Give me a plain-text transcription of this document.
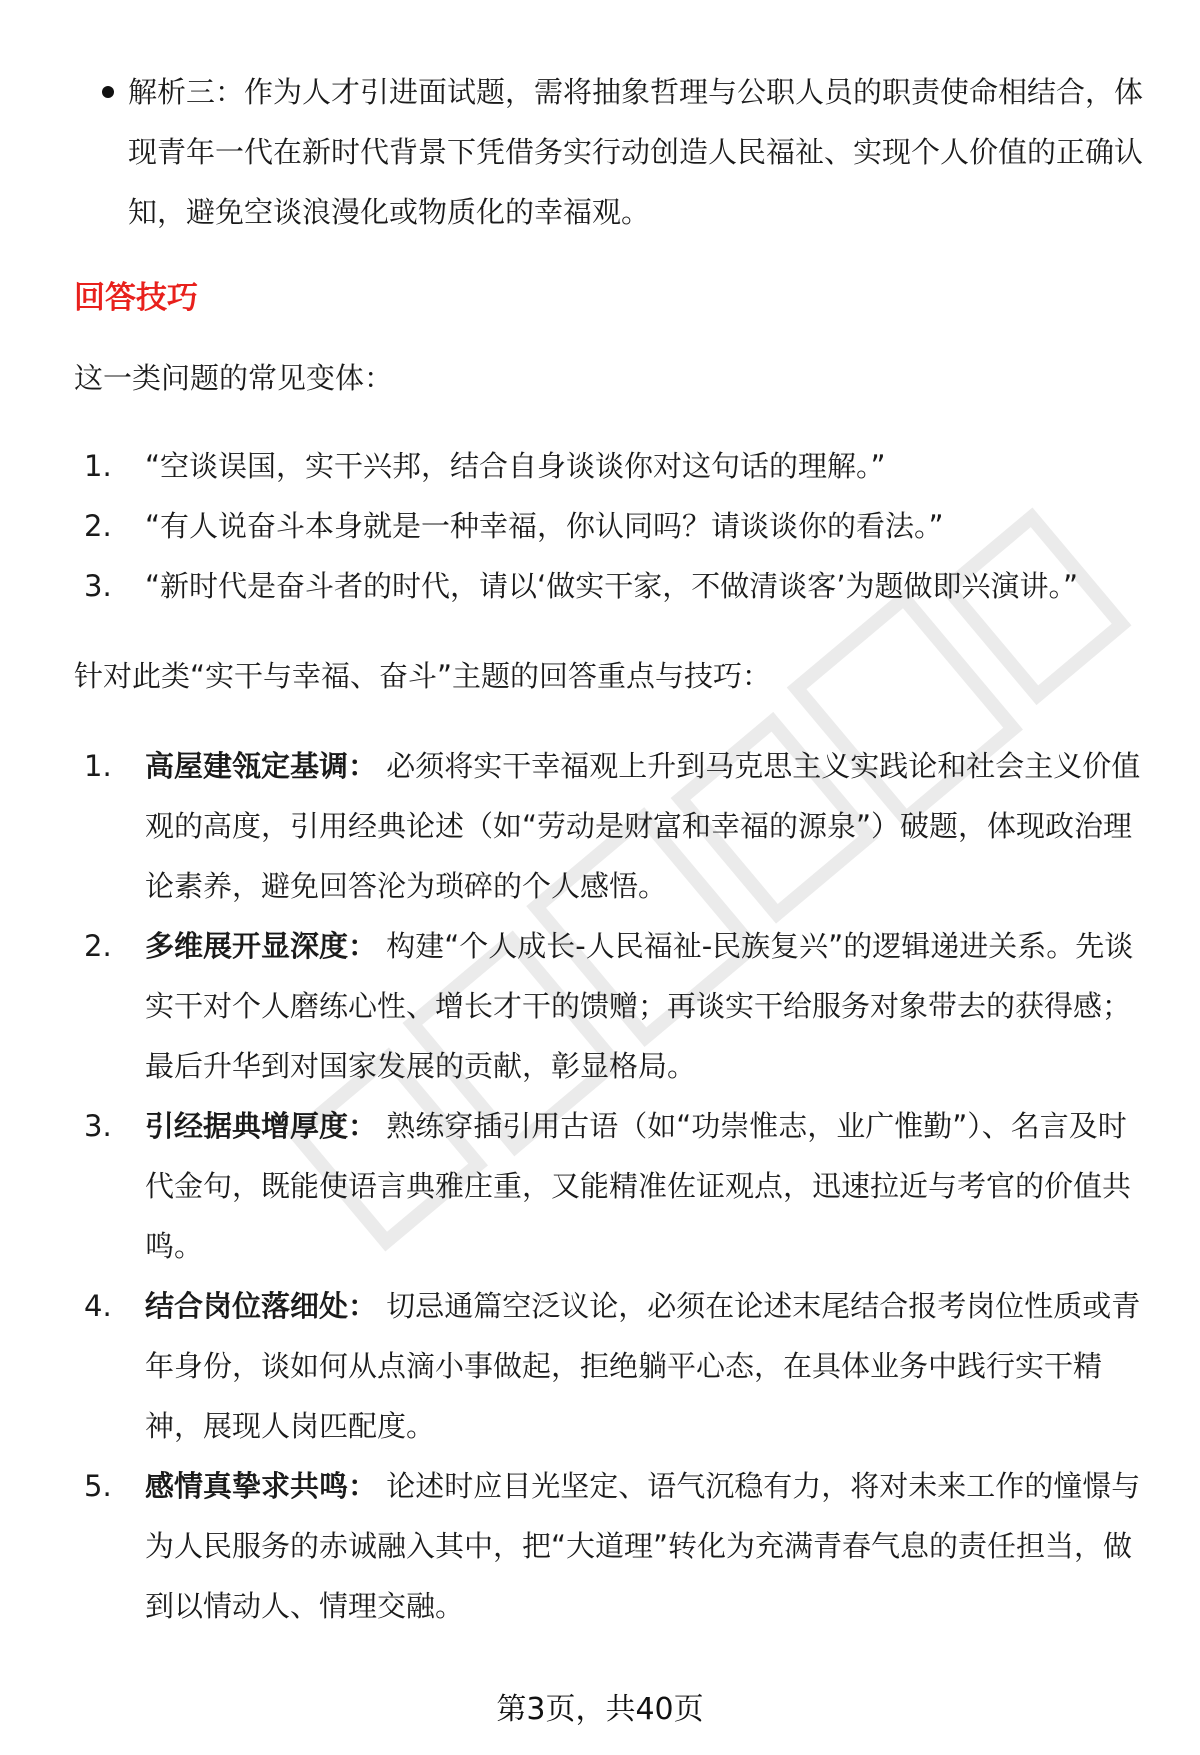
解析三：作为人才引进面试题，需将抽象哲理与公职人员的职责使命相结合，体现青年一代在新时代背景下凭借务实行动创造人民福祉、实现个人价值的正确认知，避免空谈浪漫化或物质化的幸福观。
回答技巧

这一类问题的常见变体：

1.	“空谈误国，实干兴邦，结合自身谈谈你对这句话的理解。”
2.	“有人说奋斗本身就是一种幸福，你认同吗？请谈谈你的看法。”
3.	“新时代是奋斗者的时代，请以‘做实干家，不做清谈客’为题做即兴演讲。”

针对此类“实干与幸福、奋斗”主题的回答重点与技巧：

1.	高屋建瓴定基调： 必须将实干幸福观上升到马克思主义实践论和社会主义价值观的高度，引用经典论述（如“劳动是财富和幸福的源泉”）破题，体现政治理论素养，避免回答沦为琐碎的个人感悟。
2.	多维展开显深度： 构建“个人成长-人民福祉-民族复兴”的逻辑递进关系。先谈实干对个人磨练心性、增长才干的馈赠；再谈实干给服务对象带去的获得感；最后升华到对国家发展的贡献，彰显格局。
3.	引经据典增厚度： 熟练穿插引用古语（如“功崇惟志，业广惟勤”）、名言及时代金句，既能使语言典雅庄重，又能精准佐证观点，迅速拉近与考官的价值共鸣。
4.	结合岗位落细处： 切忌通篇空泛议论，必须在论述末尾结合报考岗位性质或青年身份，谈如何从点滴小事做起，拒绝躺平心态，在具体业务中践行实干精神，展现人岗匹配度。
5.	感情真挚求共鸣： 论述时应目光坚定、语气沉稳有力，将对未来工作的憧憬与为人民服务的赤诚融入其中，把“大道理”转化为充满青春气息的责任担当，做到以情动人、情理交融。
第3页，共40页
